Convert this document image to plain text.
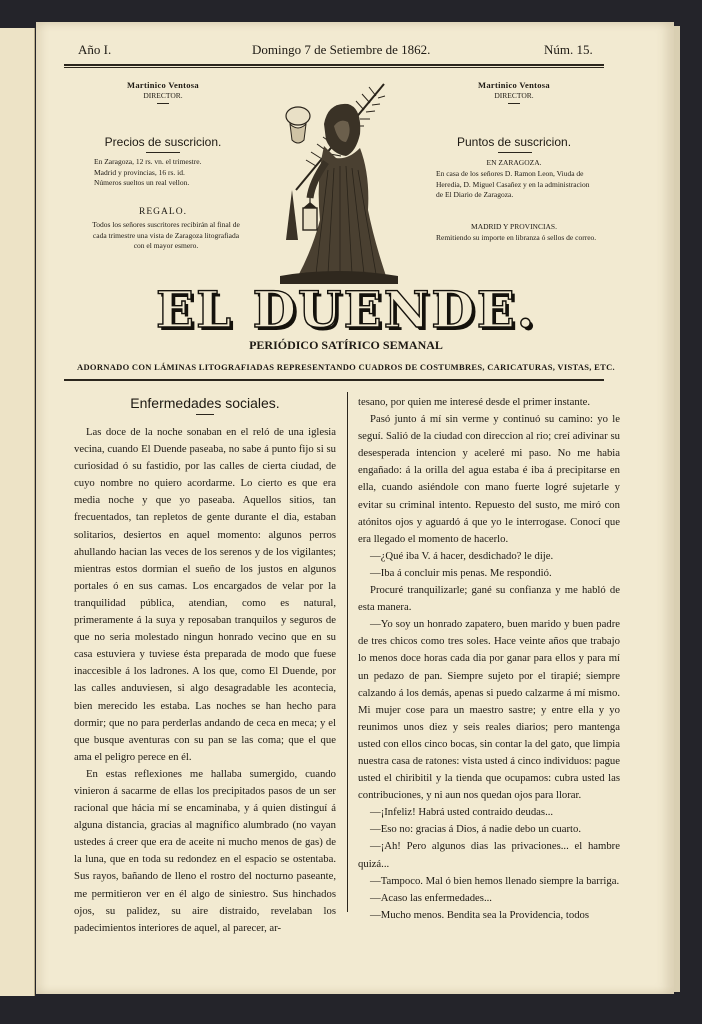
Año I.	Domingo 7 de Setiembre de 1862.	Núm. 15.
Martinico Ventosa
DIRECTOR.
Precios de suscricion.
En Zaragoza, 12 rs. vn. el trimestre.
Madrid y provincias, 16 rs. id.
Números sueltos un real vellon.
REGALO.
Todos los señores suscritores recibirán al final de cada trimestre una vista de Zaragoza litografiada con el mayor esmero.
Martinico Ventosa
DIRECTOR.
Puntos de suscricion.
EN ZARAGOZA.
En casa de los señores D. Ramon Leon, Viuda de Heredia, D. Miguel Casañez y en la administracion de El Diario de Zaragoza.
MADRID Y PROVINCIAS.
Remitiendo su importe en libranza ó sellos de correo.
EL DUENDE.
PERIÓDICO SATÍRICO SEMANAL
ADORNADO CON LÁMINAS LITOGRAFIADAS REPRESENTANDO CUADROS DE COSTUMBRES, CARICATURAS, VISTAS, ETC.
Enfermedades sociales.

Las doce de la noche sonaban en el reló de una iglesia vecina, cuando El Duende paseaba, no sabe á punto fijo si su curiosidad ó su fastidio, por las calles de cierta ciudad, de cuyo nombre no quiero acordarme. Lo cierto es que era media noche y que yo paseaba. Aquellos sitios, tan frecuentados, tan repletos de gente durante el dia, estaban solitarios, desiertos en aquel momento: algunos perros ahullando hacian las veces de los serenos y de los vigilantes; mientras estos dormian el sueño de los justos en algunos portales ó en sus camas. Los encargados de velar por la tranquilidad pública, atendian, como es natural, primeramente á la suya y reposaban tranquilos y seguros de que no seria molestado ningun honrado vecino que en su casa estuviera y tuviese ésta preparada de modo que fuese inaccesible á los ladrones. A los que, como El Duende, por las calles anduviesen, si algo desagradable les acontecia, bien merecido les estaba. Las noches se han hecho para dormir; que no para perderlas andando de ceca en meca; y el que busque aventuras con su pan se las coma; que el que ama el peligro perece en él.

En estas reflexiones me hallaba sumergido, cuando vinieron á sacarme de ellas los precipitados pasos de un ser racional que hácia mí se encaminaba, y á quien distinguí á alguna distancia, gracias al magnífico alumbrado (no vayan ustedes á creer que era de aceite ni mucho menos de gas) de la luna, que en toda su redondez en el espacio se ostentaba. Sus rayos, bañando de lleno el rostro del nocturno paseante, me permitieron ver en él algo de siniestro. Sus hinchados ojos, su palidez, su aire distraido, revelaban los padecimientos interiores de aquel, al parecer, ar-

tesano, por quien me interesé desde el primer instante.

Pasó junto á mí sin verme y continuó su camino: yo le seguí. Salió de la ciudad con direccion al rio; creí adivinar su desesperada intencion y aceleré mi paso. No me habia engañado: á la orilla del agua estaba é iba á precipitarse en ella, cuando asiéndole con mano fuerte logré sujetarle y evitar su criminal intento. Repuesto del susto, me miró con atónitos ojos y aguardó á que yo le interrogase. Conocí que era llegado el momento de hacerlo.

—¿Qué iba V. á hacer, desdichado? le dije.

—Iba á concluir mis penas. Me respondió.

Procuré tranquilizarle; gané su confianza y me habló de esta manera.

—Yo soy un honrado zapatero, buen marido y buen padre de tres chicos como tres soles. Hace veinte años que trabajo lo menos doce horas cada dia por ganar para ellos y para mí un pedazo de pan. Siempre sujeto por el tirapié; siempre calzando á los demás, apenas si puedo calzarme á mí mismo. Mi mujer cose para un maestro sastre; y entre ella y yo reunimos unos diez y seis reales diarios; pero mantenga usted con ellos cinco bocas, sin contar la del gato, que limpia nuestra casa de ratones: vista usted á cinco individuos: pague usted el chiribitil y la tienda que ocupamos: cubra usted las contribuciones, y ni aun nos quedan ojos para llorar.

—¡Infeliz! Habrá usted contraido deudas...

—Eso no: gracias á Dios, á nadie debo un cuarto.

—¡Ah! Pero algunos dias las privaciones... el hambre quizá...

—Tampoco. Mal ó bien hemos llenado siempre la barriga.

—Acaso las enfermedades...

—Mucho menos. Bendita sea la Providencia, todos
